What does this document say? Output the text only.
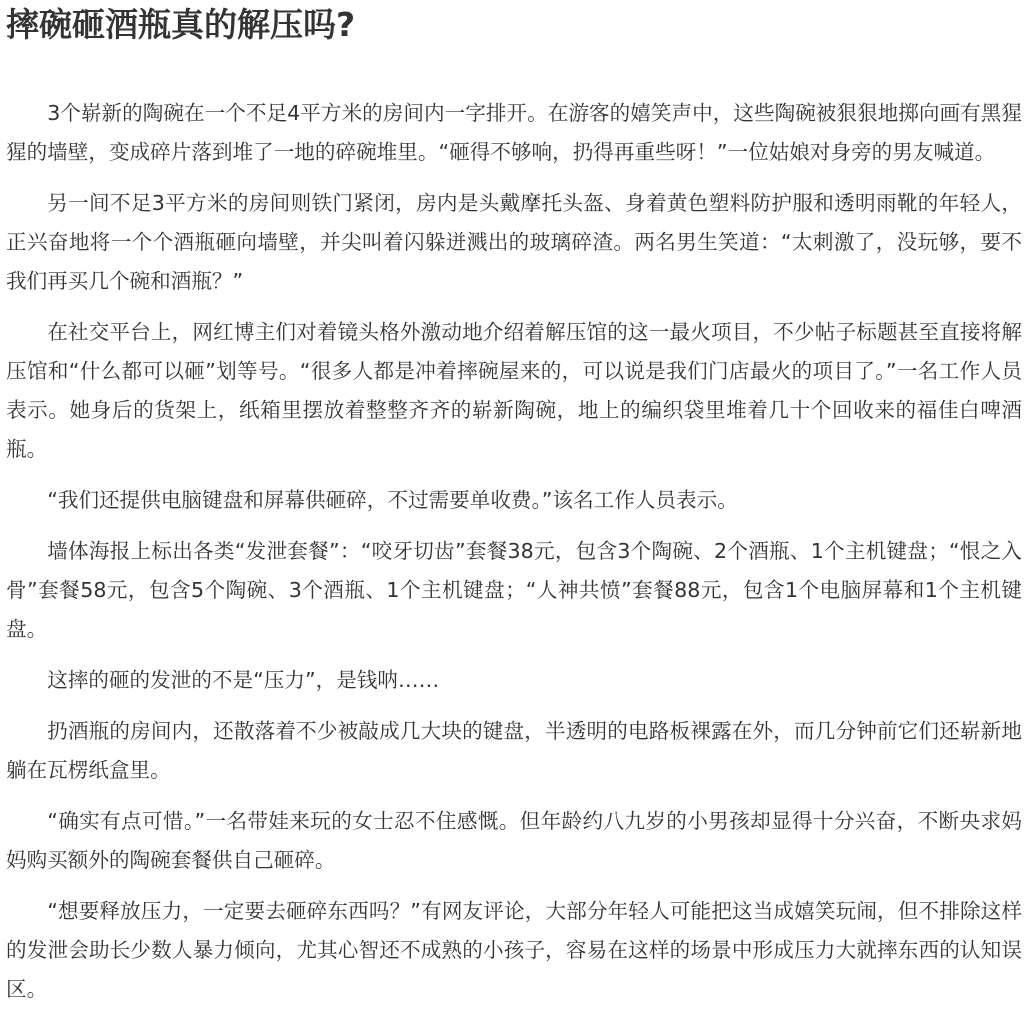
摔碗砸酒瓶真的解压吗?

3个崭新的陶碗在一个不足4平方米的房间内一字排开。在游客的嬉笑声中，这些陶碗被狠狠地掷向画有黑猩猩的墙壁，变成碎片落到堆了一地的碎碗堆里。“砸得不够响，扔得再重些呀！”一位姑娘对身旁的男友喊道。

另一间不足3平方米的房间则铁门紧闭，房内是头戴摩托头盔、身着黄色塑料防护服和透明雨靴的年轻人，正兴奋地将一个个酒瓶砸向墙壁，并尖叫着闪躲迸溅出的玻璃碎渣。两名男生笑道：“太刺激了，没玩够，要不我们再买几个碗和酒瓶？”

在社交平台上，网红博主们对着镜头格外激动地介绍着解压馆的这一最火项目，不少帖子标题甚至直接将解压馆和“什么都可以砸”划等号。“很多人都是冲着摔碗屋来的，可以说是我们门店最火的项目了。”一名工作人员表示。她身后的货架上，纸箱里摆放着整整齐齐的崭新陶碗，地上的编织袋里堆着几十个回收来的福佳白啤酒瓶。

“我们还提供电脑键盘和屏幕供砸碎，不过需要单收费。”该名工作人员表示。

墙体海报上标出各类“发泄套餐”：“咬牙切齿”套餐38元，包含3个陶碗、2个酒瓶、1个主机键盘；“恨之入骨”套餐58元，包含5个陶碗、3个酒瓶、1个主机键盘；“人神共愤”套餐88元，包含1个电脑屏幕和1个主机键盘。

这摔的砸的发泄的不是“压力”，是钱呐……

扔酒瓶的房间内，还散落着不少被敲成几大块的键盘，半透明的电路板裸露在外，而几分钟前它们还崭新地躺在瓦楞纸盒里。

“确实有点可惜。”一名带娃来玩的女士忍不住感慨。但年龄约八九岁的小男孩却显得十分兴奋，不断央求妈妈购买额外的陶碗套餐供自己砸碎。

“想要释放压力，一定要去砸碎东西吗？”有网友评论，大部分年轻人可能把这当成嬉笑玩闹，但不排除这样的发泄会助长少数人暴力倾向，尤其心智还不成熟的小孩子，容易在这样的场景中形成压力大就摔东西的认知误区。
